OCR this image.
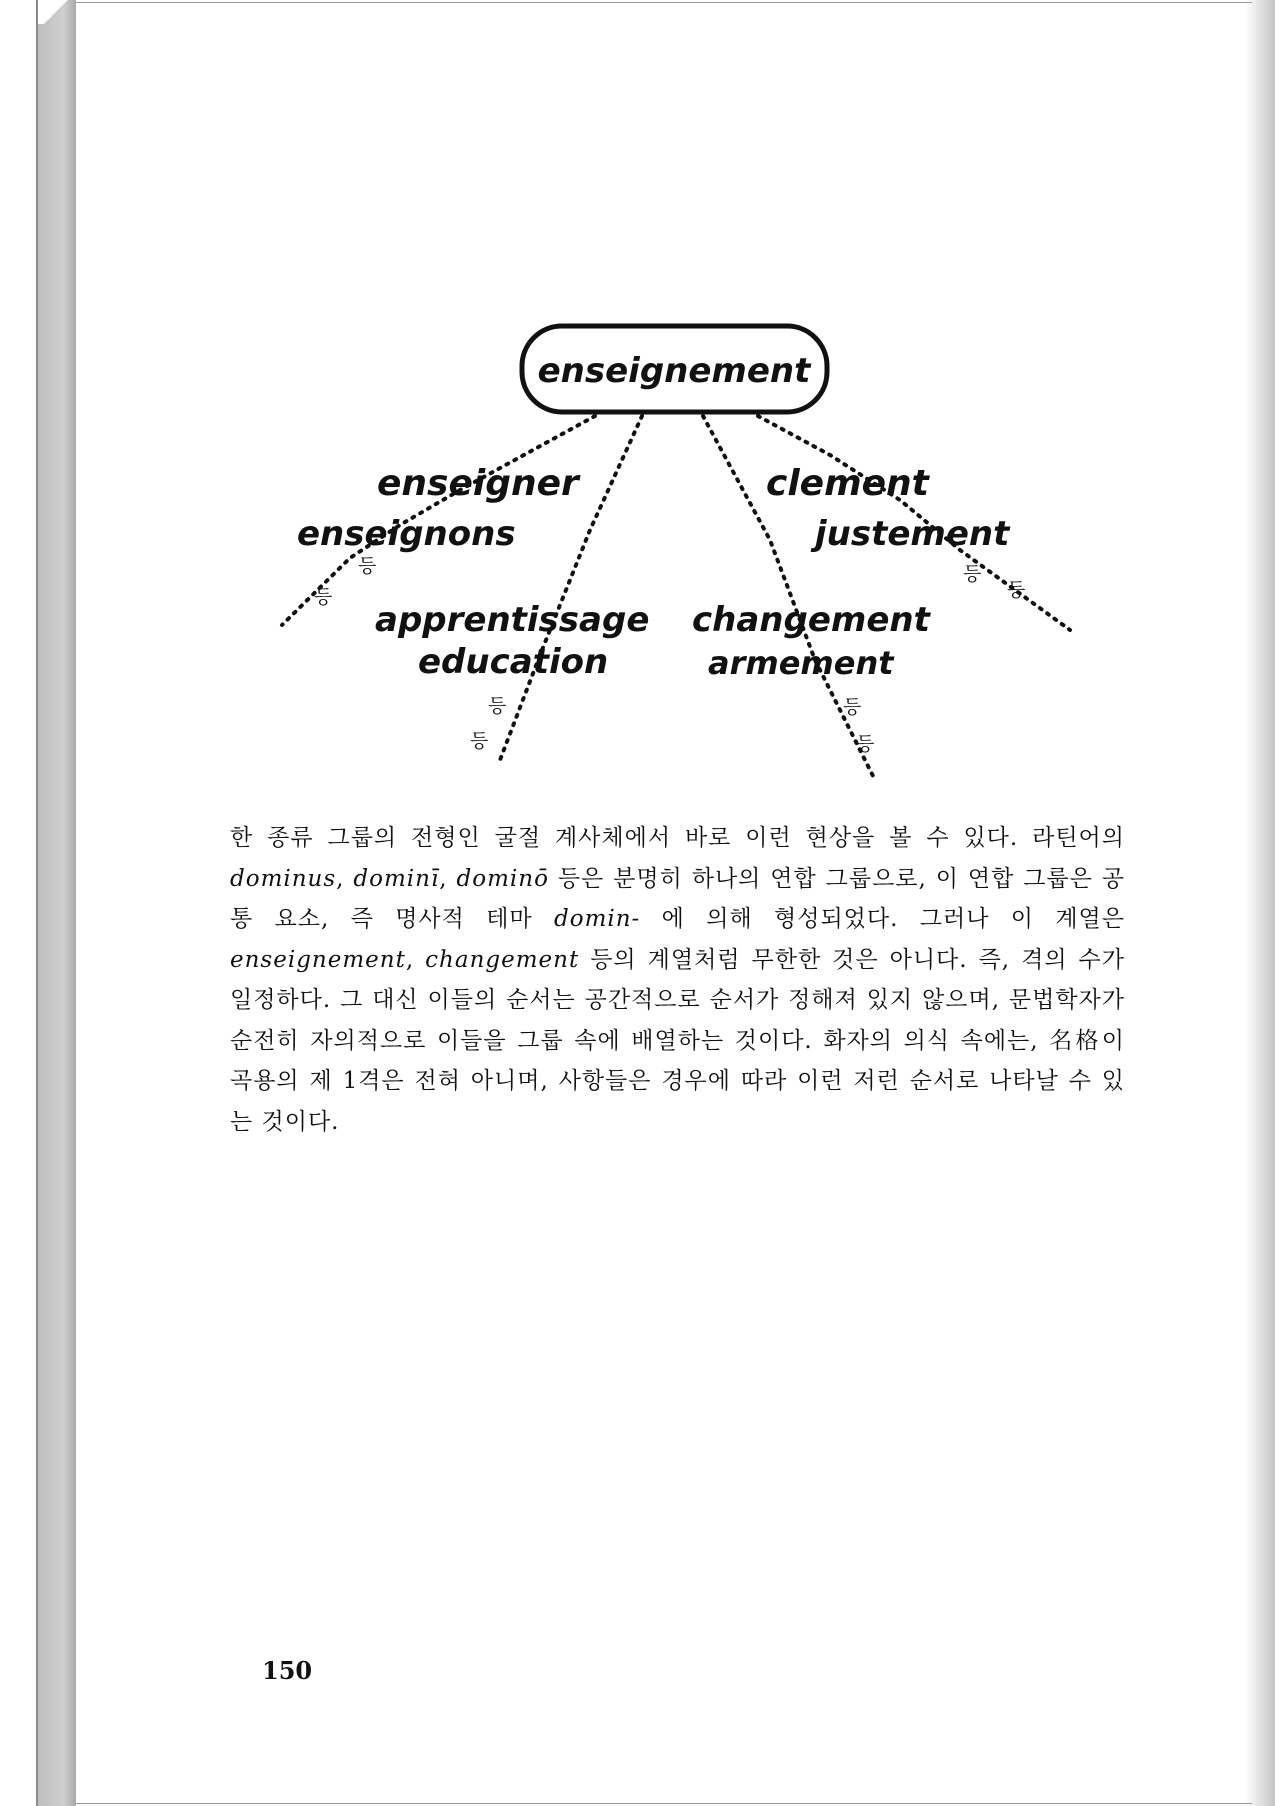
enseignement
enseigner
enseignons
등
등
apprentissage
education
등
등
changement
armement
등
등
clement
justement
등
등
한 종류 그룹의 전형인 굴절 계사체에서 바로 이런 현상을 볼 수 있다. 라틴어의 dominus, dominī, dominō 등은 분명히 하나의 연합 그룹으로, 이 연합 그룹은 공통 요소, 즉 명사적 테마 domin- 에 의해 형성되었다. 그러나 이 계열은 enseignement, changement 등의 계열처럼 무한한 것은 아니다. 즉, 격의 수가 일정하다. 그 대신 이들의 순서는 공간적으로 순서가 정해져 있지 않으며, 문법학자가 순전히 자의적으로 이들을 그룹 속에 배열하는 것이다. 화자의 의식 속에는, 名格이 곡용의 제 1격은 전혀 아니며, 사항들은 경우에 따라 이런 저런 순서로 나타날 수 있는 것이다.
150
